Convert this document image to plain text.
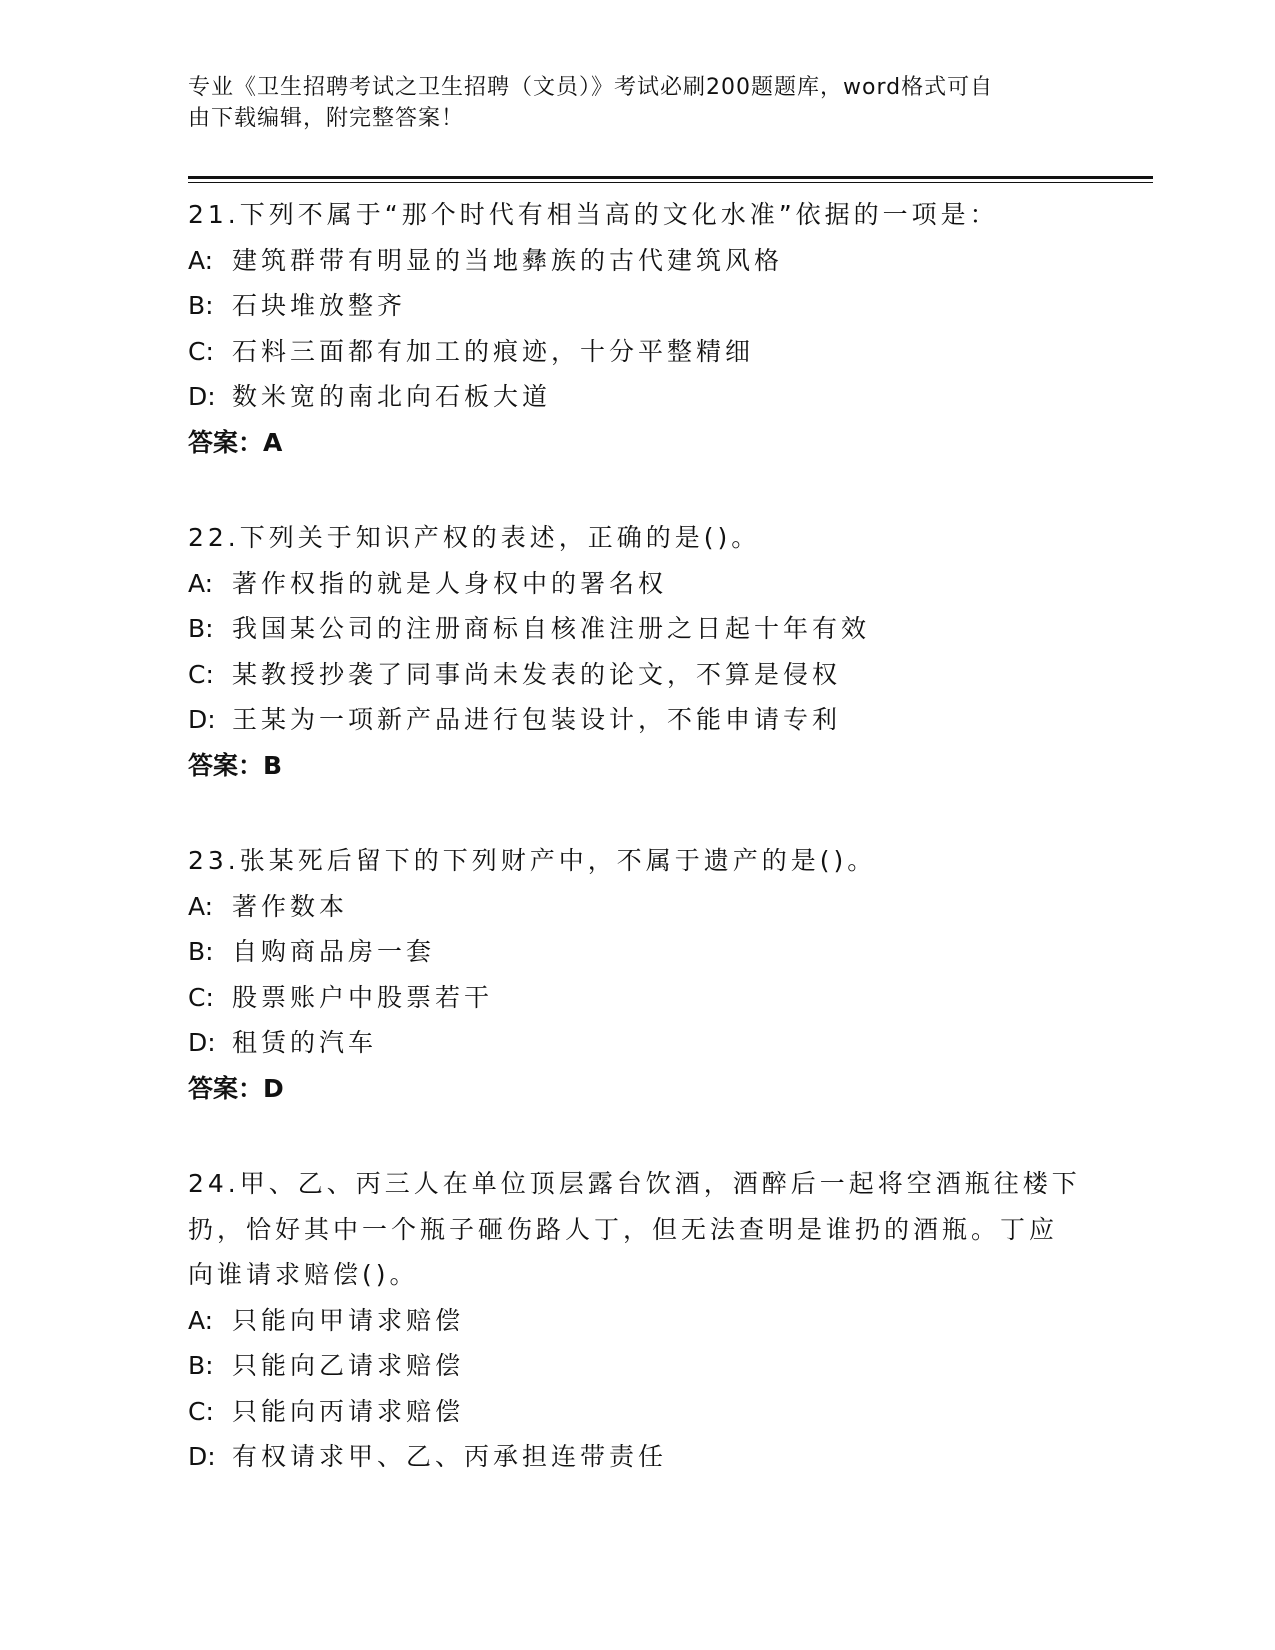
专业《卫生招聘考试之卫生招聘（文员）》考试必刷200题题库，word格式可自
由下载编辑，附完整答案！
21.下列不属于“那个时代有相当高的文化水准”依据的一项是：
A: 建筑群带有明显的当地彝族的古代建筑风格
B: 石块堆放整齐
C: 石料三面都有加工的痕迹，十分平整精细
D: 数米宽的南北向石板大道
答案：A
22.下列关于知识产权的表述，正确的是()。
A: 著作权指的就是人身权中的署名权
B: 我国某公司的注册商标自核准注册之日起十年有效
C: 某教授抄袭了同事尚未发表的论文，不算是侵权
D: 王某为一项新产品进行包装设计，不能申请专利
答案：B
23.张某死后留下的下列财产中，不属于遗产的是()。
A: 著作数本
B: 自购商品房一套
C: 股票账户中股票若干
D: 租赁的汽车
答案：D
24.甲、乙、丙三人在单位顶层露台饮酒，酒醉后一起将空酒瓶往楼下
扔，恰好其中一个瓶子砸伤路人丁，但无法查明是谁扔的酒瓶。丁应
向谁请求赔偿()。
A: 只能向甲请求赔偿
B: 只能向乙请求赔偿
C: 只能向丙请求赔偿
D: 有权请求甲、乙、丙承担连带责任
